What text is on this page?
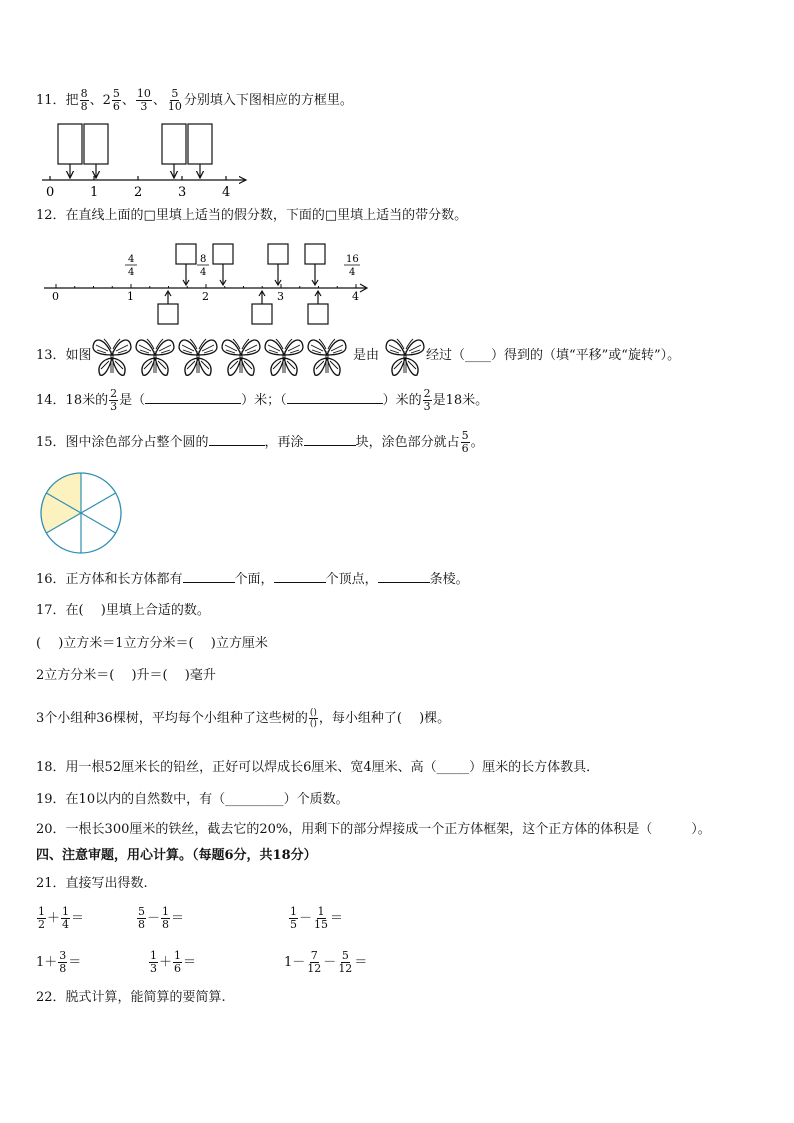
11．把 $\frac{8}{8}$ 、$2 \frac{5}{6}$ 、 $\frac{10}{3}$ 、 $\frac{5}{10}$ 分别填入下图相应的方框里。
0	1	2	3	4
12．在直线上面的□里填上适当的假分数，下面的□里填上适当的带分数。
0	1	2	3	4
4
4
8
4
16
4
13．如图	是由	经过（____）得到的（填“平移”或“旋转”）。
14．18米的 $\frac{2}{3}$ 是（	）米；（	）米的 $\frac{2}{3}$ 是18米。
15．图中涂色部分占整个圆的	，再涂	块，涂色部分就占 $\frac{5}{6}$ 。
16．正方体和长方体都有	个面，	个顶点，	条棱。
17．在(　 )里填上合适的数。
(　 )立方米＝1立方分米＝(　 )立方厘米
2立方分米＝(　 )升＝(　 )毫升
3个小组种36棵树，平均每个小组种了这些树的 $\frac{()}{()}$ ，每小组种了(　 )棵。
18．用一根52厘米长的铅丝，正好可以焊成长6厘米、宽4厘米、高（_____）厘米的长方体教具．
19．在10以内的自然数中，有（_________）个质数。
20．一根长300厘米的铁丝，截去它的20%，用剩下的部分焊接成一个正方体框架，这个正方体的体积是（　　　）。
四、注意审题，用心计算。（每题6分，共18分）
21．直接写出得数.
$\frac{1}{2} + \frac{1}{4}$ ＝	$\frac{5}{8} - \frac{1}{8}$ ＝	$\frac{1}{5} - \frac{1}{15}$ ＝
$1+ \frac{3}{8}$ ＝	$\frac{1}{3} + \frac{1}{6}$ ＝	$1- \frac{7}{12} - \frac{5}{12}$ ＝
22．脱式计算，能简算的要简算.
